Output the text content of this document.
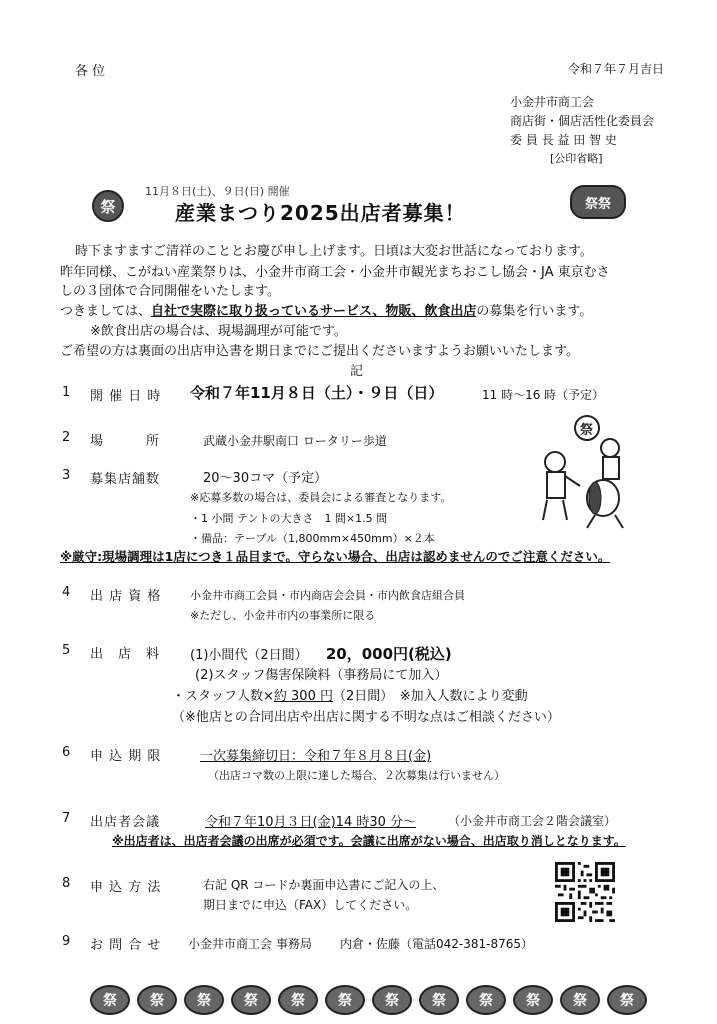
各 位	令和７年７月吉日
小金井市商工会
商店街・個店活性化委員会
委 員 長 益 田 智 史
[公印省略]
祭
11月８日(土)、９日(日) 開催
産業まつり2025出店者募集！	祭祭
時下ますますご清祥のこととお慶び申し上げます。日頃は大変お世話になっております。
昨年同様、こがねい産業祭りは、小金井市商工会・小金井市観光まちおこし協会・JA 東京むさ
しの３団体で合同開催をいたします。
つきましては、自社で実際に取り扱っているサービス、物販、飲食出店の募集を行います。
※飲食出店の場合は、現場調理が可能です。
ご希望の方は裏面の出店申込書を期日までにご提出くださいますようお願いいたします。
記
1 開 催 日 時 令和７年11月８日（土）・９日（日）	11 時～16 時（予定）
2 場　　　所	武蔵小金井駅南口 ロータリー歩道
3 募集店舗数	20～30コマ（予定）
※応募多数の場合は、委員会による審査となります。
・1 小間 テントの大きさ　1 間×1.5 間
・備品：テーブル（1,800mm×450mm）×２本
祭
※厳守:現場調理は1店につき１品目まで。守らない場合、出店は認めませんのでご注意ください。
4 出 店 資 格	小金井市商工会員・市内商店会会員・市内飲食店組合員
※ただし、小金井市内の事業所に限る
5 出　店　料 (1)小間代（2日間） 20，000円(税込)
(2)スタッフ傷害保険料（事務局にて加入）
・スタッフ人数×約 300 円（2日間）　※加入人数により変動
（※他店との合同出店や出店に関する不明な点はご相談ください）
6 申 込 期 限	一次募集締切日：令和７年８月８日(金)
（出店コマ数の上限に達した場合、２次募集は行いません）
7 出店者会議	令和７年10月３日(金)14 時30 分～	（小金井市商工会２階会議室）
※出店者は、出店者会議の出席が必須です。会議に出席がない場合、出店取り消しとなります。
8 申 込 方 法	右記 QR コードか裏面申込書にご記入の上、
期日までに申込（FAX）してください。
9 お 問 合 せ 小金井市商工会 事務局 内倉・佐藤（電話042-381-8765）
祭	祭	祭	祭	祭	祭	祭	祭	祭	祭	祭	祭
